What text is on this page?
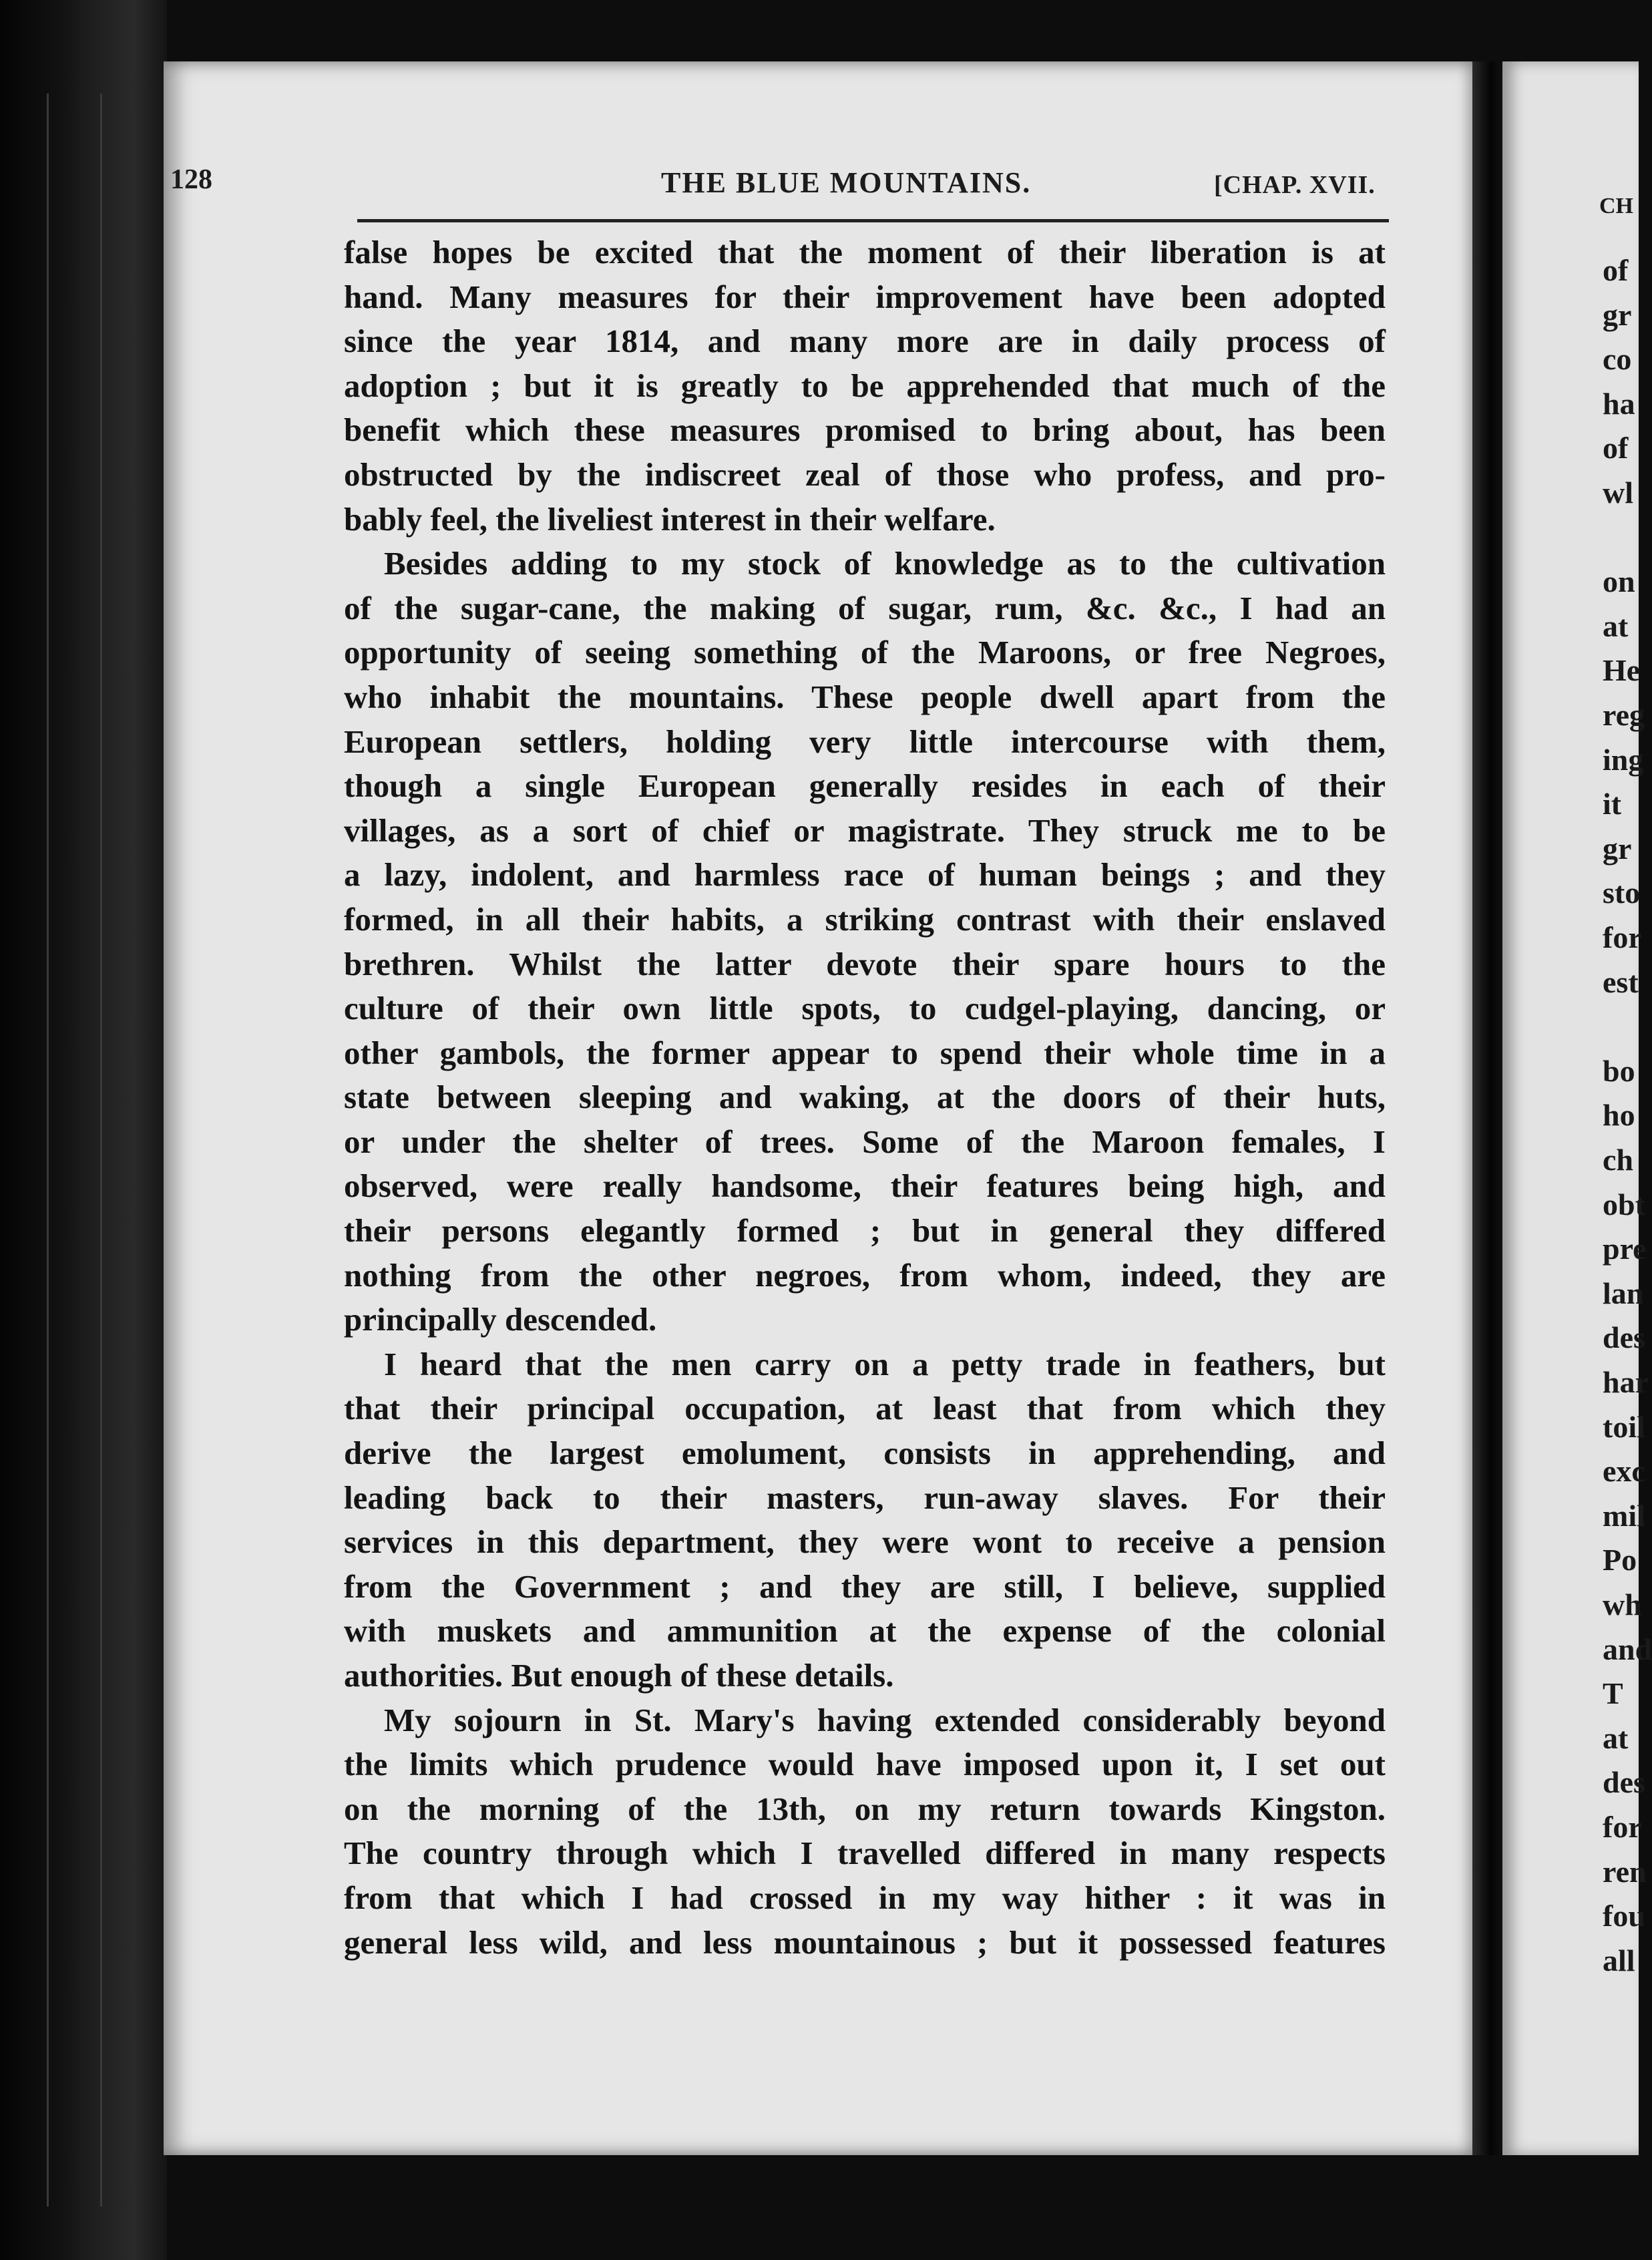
128	THE BLUE MOUNTAINS.	[CHAP. XVII.
false hopes be excited that the moment of their liberation is at
hand. Many measures for their improvement have been adopted
since the year 1814, and many more are in daily process of
adoption ; but it is greatly to be apprehended that much of the
benefit which these measures promised to bring about, has been
obstructed by the indiscreet zeal of those who profess, and pro-
bably feel, the liveliest interest in their welfare.
Besides adding to my stock of knowledge as to the cultivation
of the sugar-cane, the making of sugar, rum, &c. &c., I had an
opportunity of seeing something of the Maroons, or free Negroes,
who inhabit the mountains. These people dwell apart from the
European settlers, holding very little intercourse with them,
though a single European generally resides in each of their
villages, as a sort of chief or magistrate. They struck me to be
a lazy, indolent, and harmless race of human beings ; and they
formed, in all their habits, a striking contrast with their enslaved
brethren. Whilst the latter devote their spare hours to the
culture of their own little spots, to cudgel-playing, dancing, or
other gambols, the former appear to spend their whole time in a
state between sleeping and waking, at the doors of their huts,
or under the shelter of trees. Some of the Maroon females, I
observed, were really handsome, their features being high, and
their persons elegantly formed ; but in general they differed
nothing from the other negroes, from whom, indeed, they are
principally descended.
I heard that the men carry on a petty trade in feathers, but
that their principal occupation, at least that from which they
derive the largest emolument, consists in apprehending, and
leading back to their masters, run-away slaves. For their
services in this department, they were wont to receive a pension
from the Government ; and they are still, I believe, supplied
with muskets and ammunition at the expense of the colonial
authorities. But enough of these details.
My sojourn in St. Mary's having extended considerably beyond
the limits which prudence would have imposed upon it, I set out
on the morning of the 13th, on my return towards Kingston.
The country through which I travelled differed in many respects
from that which I had crossed in my way hither : it was in
general less wild, and less mountainous ; but it possessed features
CH
of
gr
co
ha
of
wl
on
at
He
reg
ing
it
gr
sto
for
est
bo
ho
ch
obt
pre
lan
des
har
toil
exc
mil
Po
wh
and
T
at
des
for
ren
fou
all
